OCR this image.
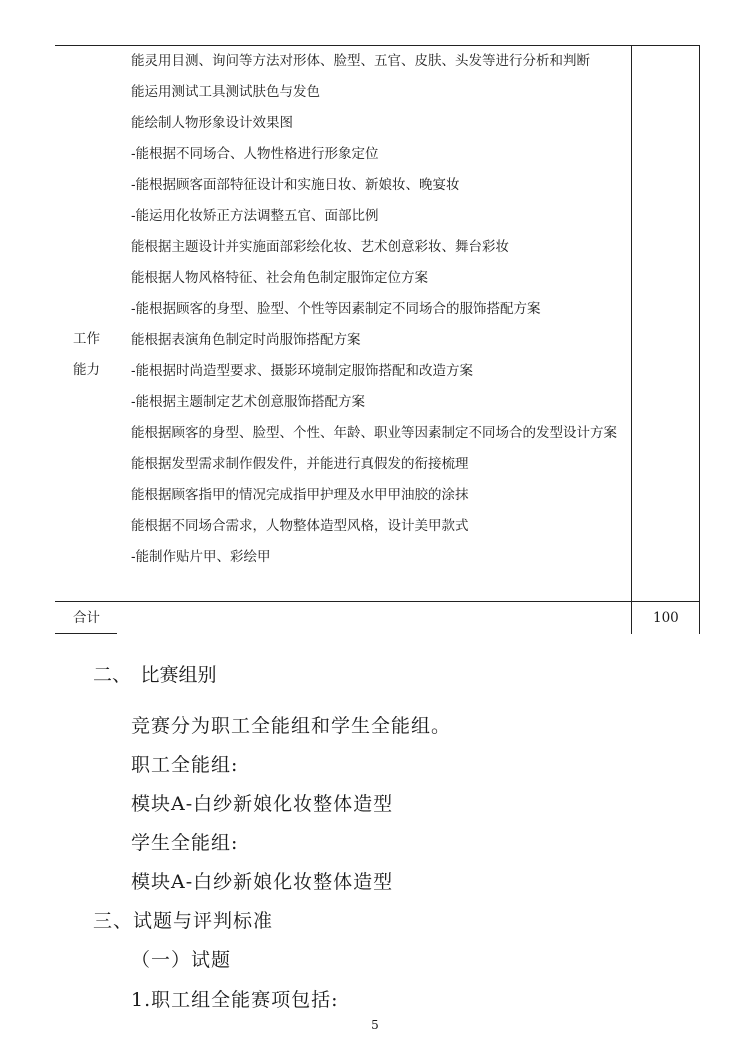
工作
能力
能灵用目测、询问等方法对形体、脸型、五官、皮肤、头发等进行分析和判断
能运用测试工具测试肤色与发色
能绘制人物形象设计效果图
-能根据不同场合、人物性格进行形象定位
-能根据顾客面部特征设计和实施日妆、新娘妆、晚宴妆
-能运用化妆矫正方法调整五官、面部比例
能根据主题设计并实施面部彩绘化妆、艺术创意彩妆、舞台彩妆
能根据人物风格特征、社会角色制定服饰定位方案
-能根据顾客的身型、脸型、个性等因素制定不同场合的服饰搭配方案
能根据表演角色制定时尚服饰搭配方案
-能根据时尚造型要求、摄影环境制定服饰搭配和改造方案
-能根据主题制定艺术创意服饰搭配方案
能根据顾客的身型、脸型、个性、年龄、职业等因素制定不同场合的发型设计方案
能根据发型需求制作假发件，并能进行真假发的衔接梳理
能根据顾客指甲的情况完成指甲护理及水甲甲油胶的涂抹
能根据不同场合需求，人物整体造型风格，设计美甲款式
-能制作贴片甲、彩绘甲
合计	100
二、　比赛组别
竞赛分为职工全能组和学生全能组。
职工全能组:
模块A-白纱新娘化妆整体造型
学生全能组:
模块A-白纱新娘化妆整体造型
三、试题与评判标准
（一）试题
1.职工组全能赛项包括:
5
